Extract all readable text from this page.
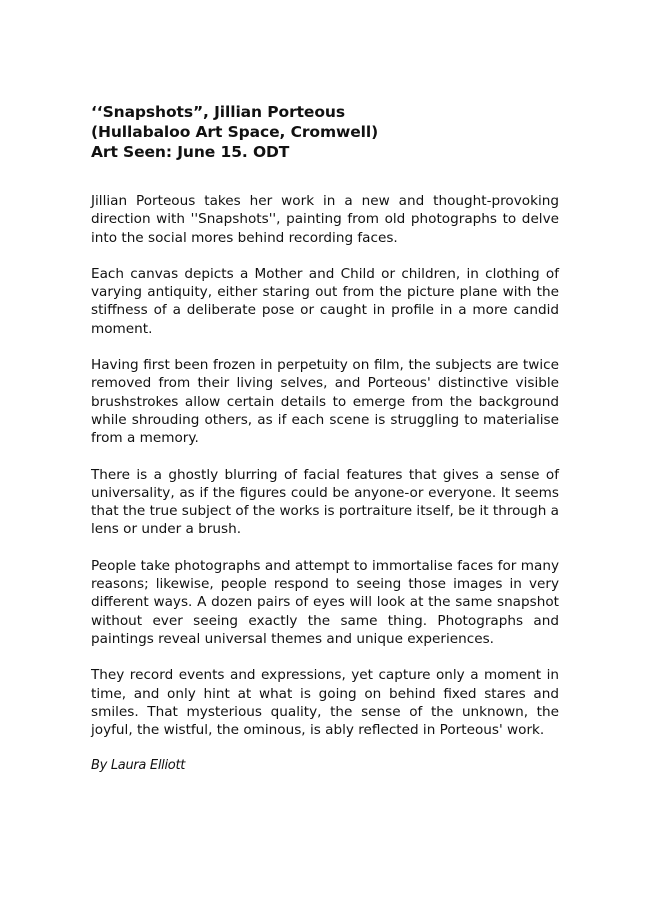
‘‘Snapshots”, Jillian Porteous
(Hullabaloo Art Space, Cromwell)
Art Seen: June 15. ODT

Jillian Porteous takes her work in a new and thought-provoking direction with ''Snapshots'', painting from old photographs to delve into the social mores behind recording faces.

Each canvas depicts a Mother and Child or children, in clothing of varying antiquity, either staring out from the picture plane with the stiffness of a deliberate pose or caught in profile in a more candid moment.

Having first been frozen in perpetuity on film, the subjects are twice removed from their living selves, and Porteous' distinctive visible brushstrokes allow certain details to emerge from the background while shrouding others, as if each scene is struggling to materialise from a memory.

There is a ghostly blurring of facial features that gives a sense of universality, as if the figures could be anyone-or everyone. It seems that the true subject of the works is portraiture itself, be it through a lens or under a brush.

People take photographs and attempt to immortalise faces for many reasons; likewise, people respond to seeing those images in very different ways. A dozen pairs of eyes will look at the same snapshot without ever seeing exactly the same thing. Photographs and paintings reveal universal themes and unique experiences.

They record events and expressions, yet capture only a moment in time, and only hint at what is going on behind fixed stares and smiles. That mysterious quality, the sense of the unknown, the joyful, the wistful, the ominous, is ably reflected in Porteous' work.

By Laura Elliott
